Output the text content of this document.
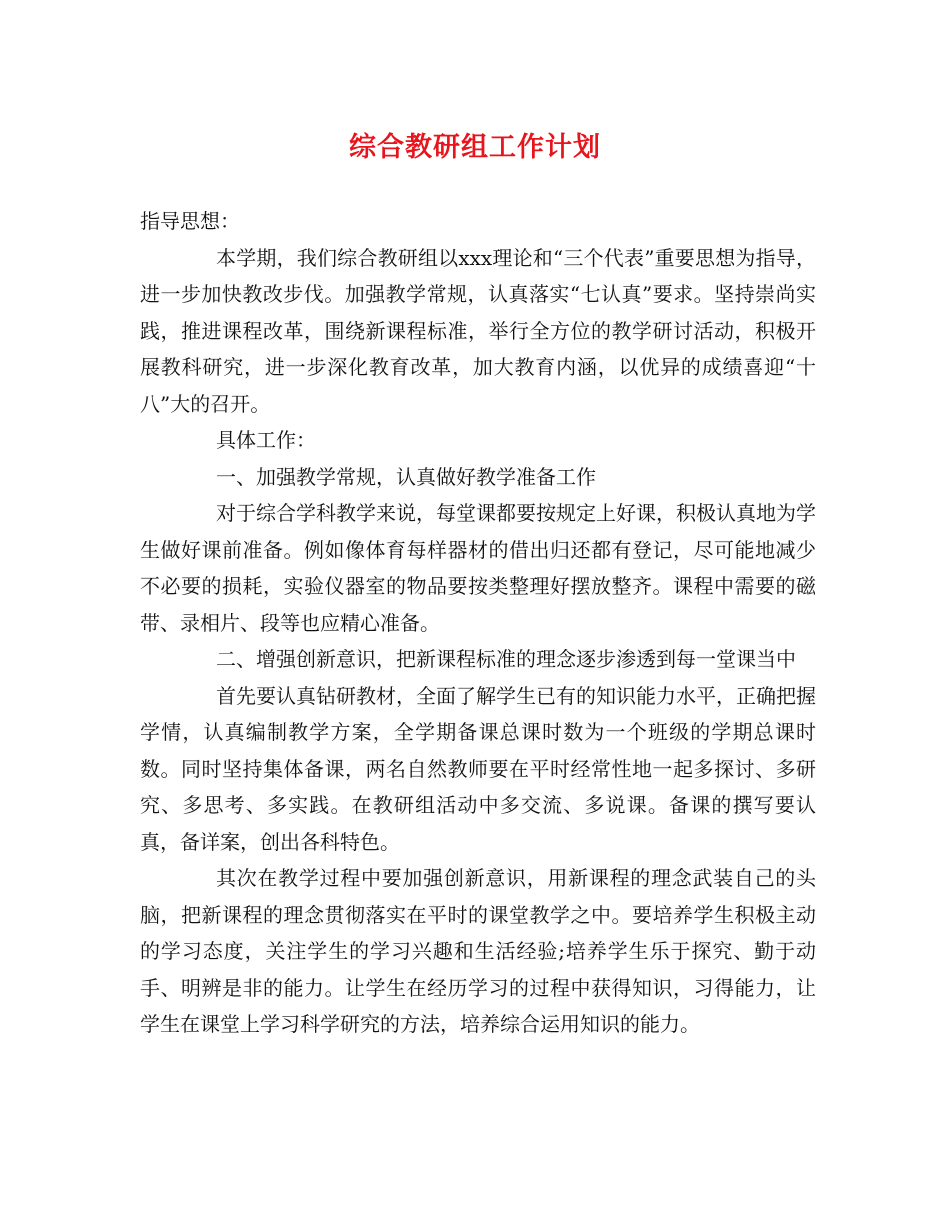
综合教研组工作计划

指导思想：

本学期，我们综合教研组以xxx理论和“三个代表”重要思想为指导，进一步加快教改步伐。加强教学常规，认真落实“七认真”要求。坚持崇尚实践，推进课程改革，围绕新课程标准，举行全方位的教学研讨活动，积极开展教科研究，进一步深化教育改革，加大教育内涵，以优异的成绩喜迎“十八”大的召开。

具体工作：

一、加强教学常规，认真做好教学准备工作

对于综合学科教学来说，每堂课都要按规定上好课，积极认真地为学生做好课前准备。例如像体育每样器材的借出归还都有登记，尽可能地减少不必要的损耗，实验仪器室的物品要按类整理好摆放整齐。课程中需要的磁带、录相片、段等也应精心准备。

二、增强创新意识，把新课程标准的理念逐步渗透到每一堂课当中

首先要认真钻研教材，全面了解学生已有的知识能力水平，正确把握学情，认真编制教学方案，全学期备课总课时数为一个班级的学期总课时数。同时坚持集体备课，两名自然教师要在平时经常性地一起多探讨、多研究、多思考、多实践。在教研组活动中多交流、多说课。备课的撰写要认真，备详案，创出各科特色。

其次在教学过程中要加强创新意识，用新课程的理念武装自己的头脑，把新课程的理念贯彻落实在平时的课堂教学之中。要培养学生积极主动的学习态度，关注学生的学习兴趣和生活经验;培养学生乐于探究、勤于动手、明辨是非的能力。让学生在经历学习的过程中获得知识，习得能力，让学生在课堂上学习科学研究的方法，培养综合运用知识的能力。
